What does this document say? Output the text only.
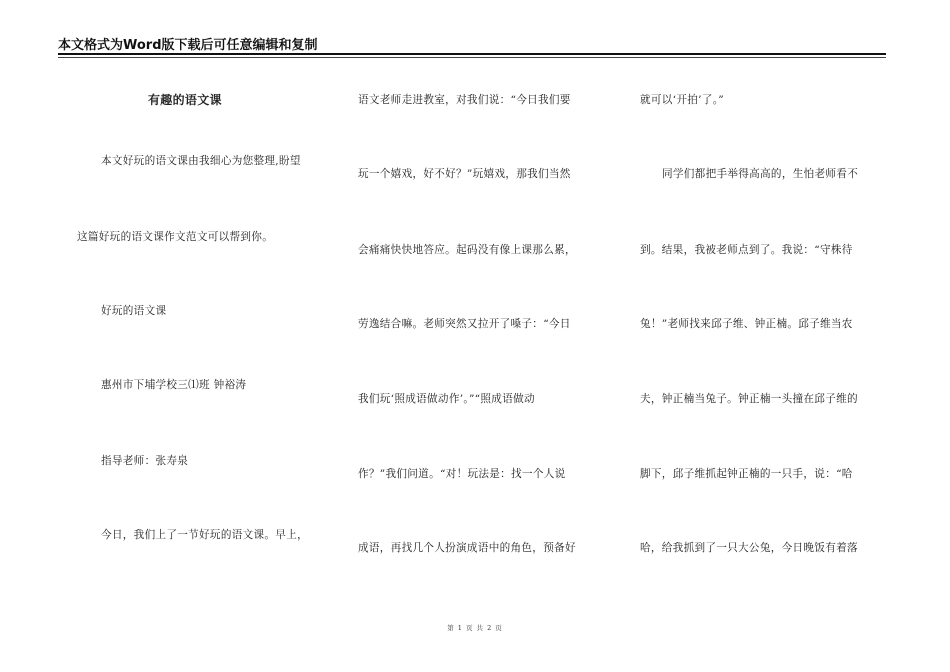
本文格式为Word版下载后可任意编辑和复制
有趣的语文课
本文好玩的语文课由我细心为您整理,盼望
这篇好玩的语文课作文范文可以帮到你。
好玩的语文课
惠州市下埔学校三⑴班 钟裕涛
指导老师：张寿泉
今日，我们上了一节好玩的语文课。早上，
语文老师走进教室，对我们说：“今日我们要
玩一个嬉戏，好不好？”玩嬉戏，那我们当然
会痛痛快快地答应。起码没有像上课那么累，
劳逸结合嘛。老师突然又拉开了嗓子：“今日
我们玩‘照成语做动作’。”“照成语做动
作？”我们问道。“对！玩法是：找一个人说
成语，再找几个人扮演成语中的角色，预备好
就可以‘开拍’了。”
同学们都把手举得高高的，生怕老师看不
到。结果，我被老师点到了。我说：“守株待
兔！”老师找来邱子维、钟正楠。邱子维当农
夫，钟正楠当兔子。钟正楠一头撞在邱子维的
脚下，邱子维抓起钟正楠的一只手，说：“哈
哈，给我抓到了一只大公兔，今日晚饭有着落
第 1 页 共 2 页
